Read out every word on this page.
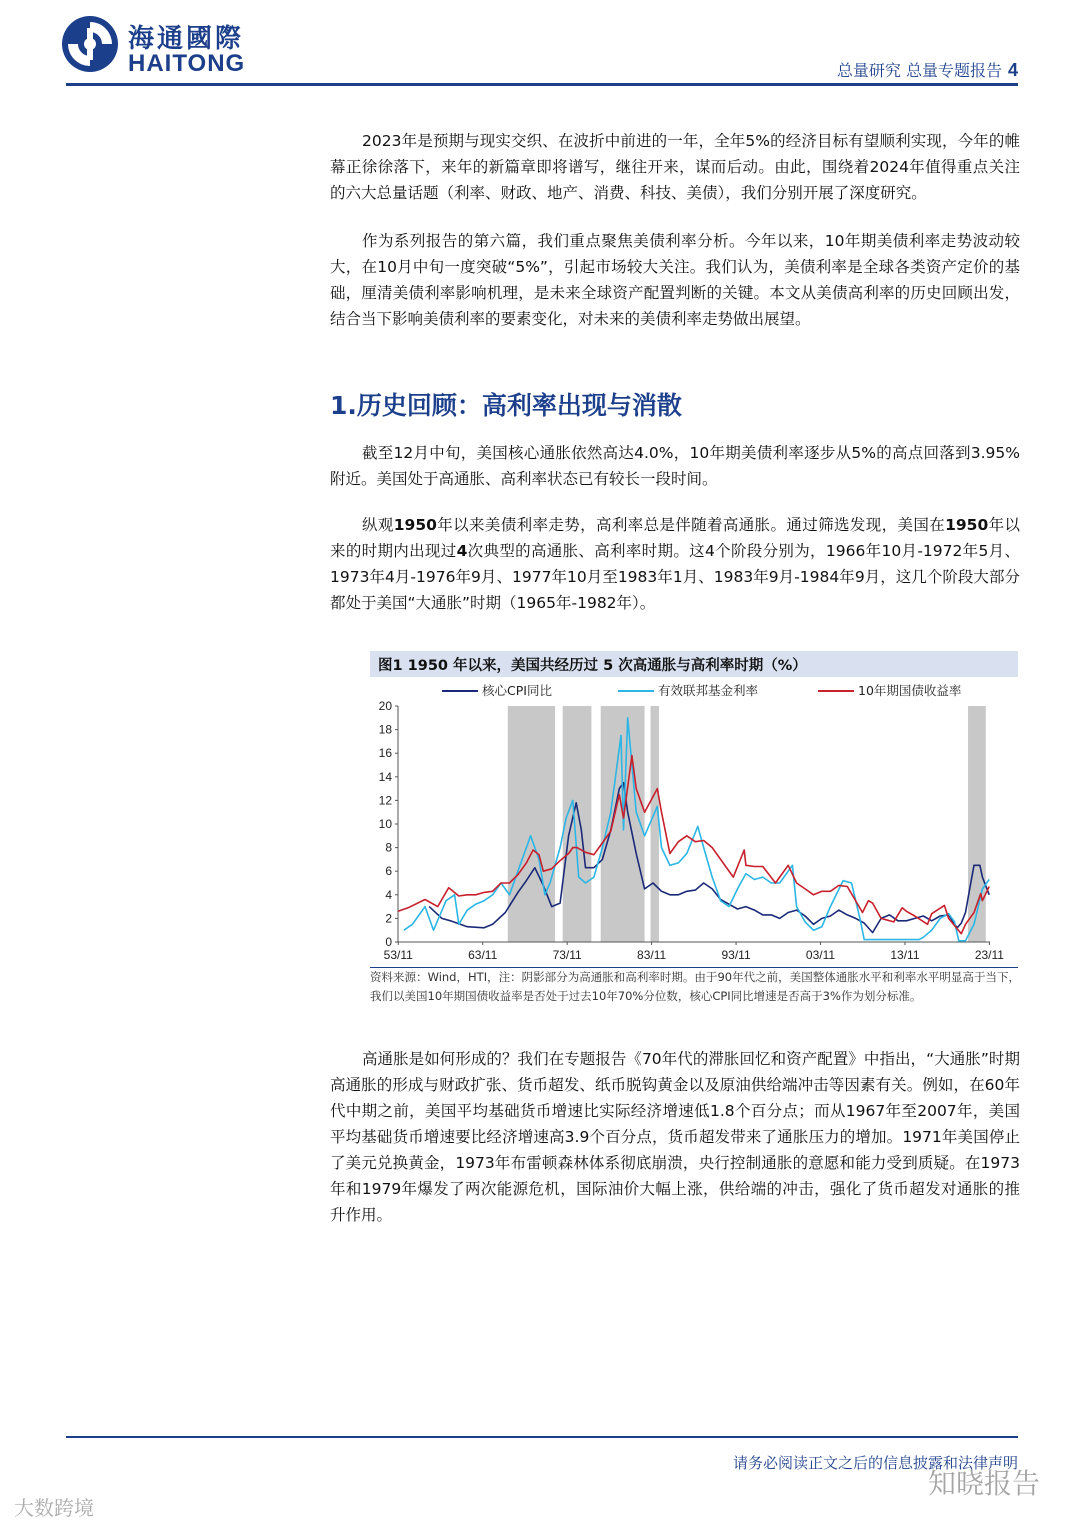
海通國際
HAITONG	总量研究 总量专题报告 4

2023年是预期与现实交织、在波折中前进的一年，全年5%的经济目标有望顺利实现，今年的帷幕正徐徐落下，来年的新篇章即将谱写，继往开来，谋而后动。由此，围绕着2024年值得重点关注的六大总量话题（利率、财政、地产、消费、科技、美债），我们分别开展了深度研究。

作为系列报告的第六篇，我们重点聚焦美债利率分析。今年以来，10年期美债利率走势波动较大，在10月中旬一度突破“5%”，引起市场较大关注。我们认为，美债利率是全球各类资产定价的基础，厘清美债利率影响机理，是未来全球资产配置判断的关键。本文从美债高利率的历史回顾出发，结合当下影响美债利率的要素变化，对未来的美债利率走势做出展望。

1.历史回顾：高利率出现与消散

截至12月中旬，美国核心通胀依然高达4.0%，10年期美债利率逐步从5%的高点回落到3.95%附近。美国处于高通胀、高利率状态已有较长一段时间。

纵观1950年以来美债利率走势，高利率总是伴随着高通胀。通过筛选发现，美国在1950年以来的时期内出现过4次典型的高通胀、高利率时期。这4个阶段分别为，1966年10月-1972年5月、1973年4月-1976年9月、1977年10月至1983年1月、1983年9月-1984年9月，这几个阶段大部分都处于美国“大通胀”时期（1965年-1982年）。

图1 1950 年以来，美国共经历过 5 次高通胀与高利率时期（%）

0
2
4
6
8
10
12
14
16
18
20
53/11	63/11	73/11	83/11	93/11	03/11	13/11	23/11
核心CPI同比	有效联邦基金利率	10年期国债收益率

资料来源：Wind，HTI，注：阴影部分为高通胀和高利率时期。由于90年代之前，美国整体通胀水平和利率水平明显高于当下，我们以美国10年期国债收益率是否处于过去10年70%分位数，核心CPI同比增速是否高于3%作为划分标准。

高通胀是如何形成的？我们在专题报告《70年代的滞胀回忆和资产配置》中指出，“大通胀”时期高通胀的形成与财政扩张、货币超发、纸币脱钩黄金以及原油供给端冲击等因素有关。例如，在60年代中期之前，美国平均基础货币增速比实际经济增速低1.8个百分点；而从1967年至2007年，美国平均基础货币增速要比经济增速高3.9个百分点，货币超发带来了通胀压力的增加。1971年美国停止了美元兑换黄金，1973年布雷顿森林体系彻底崩溃，央行控制通胀的意愿和能力受到质疑。在1973年和1979年爆发了两次能源危机，国际油价大幅上涨，供给端的冲击，强化了货币超发对通胀的推升作用。

请务必阅读正文之后的信息披露和法律声明
知晓报告
大数跨境
